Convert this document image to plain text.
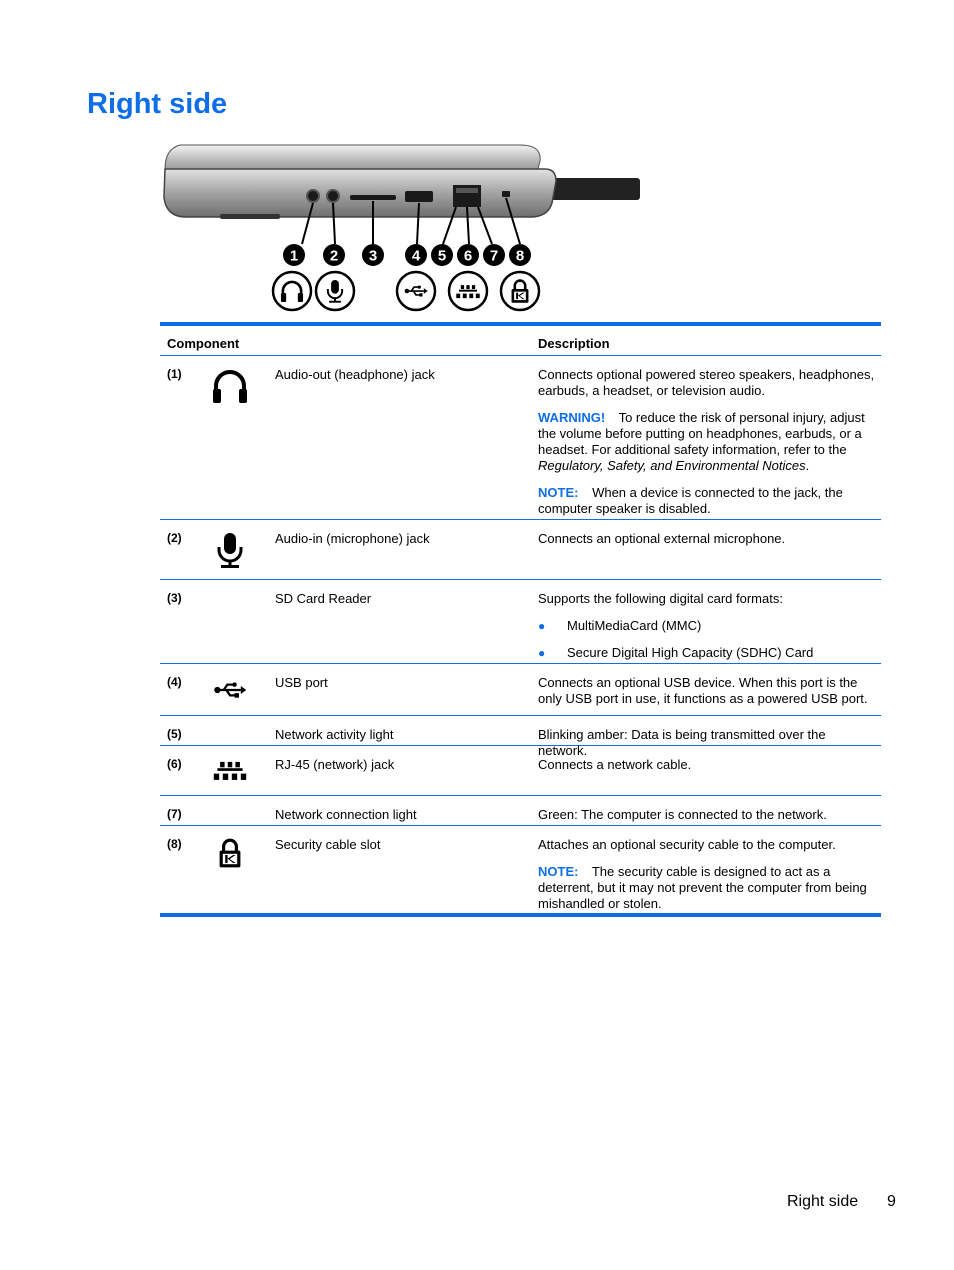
Right side
1 2 3 4 5 6 7 8
Component	Description
(1)	Audio-out (headphone) jack	Connects optional powered stereo speakers, headphones, earbuds, a headset, or television audio.

WARNING! To reduce the risk of personal injury, adjust the volume before putting on headphones, earbuds, or a headset. For additional safety information, refer to the Regulatory, Safety, and Environmental Notices.

NOTE: When a device is connected to the jack, the computer speaker is disabled.

(2)	Audio-in (microphone) jack	Connects an optional external microphone.

(3)	SD Card Reader	Supports the following digital card formats:

● MultiMediaCard (MMC)
● Secure Digital High Capacity (SDHC) Card
(4)	USB port	Connects an optional USB device. When this port is the only USB port in use, it functions as a powered USB port.

(5)	Network activity light	Blinking amber: Data is being transmitted over the network.

(6)	RJ-45 (network) jack	Connects a network cable.

(7)	Network connection light	Green: The computer is connected to the network.

(8)	Security cable slot	Attaches an optional security cable to the computer.

NOTE: The security cable is designed to act as a deterrent, but it may not prevent the computer from being mishandled or stolen.

Right side 9
